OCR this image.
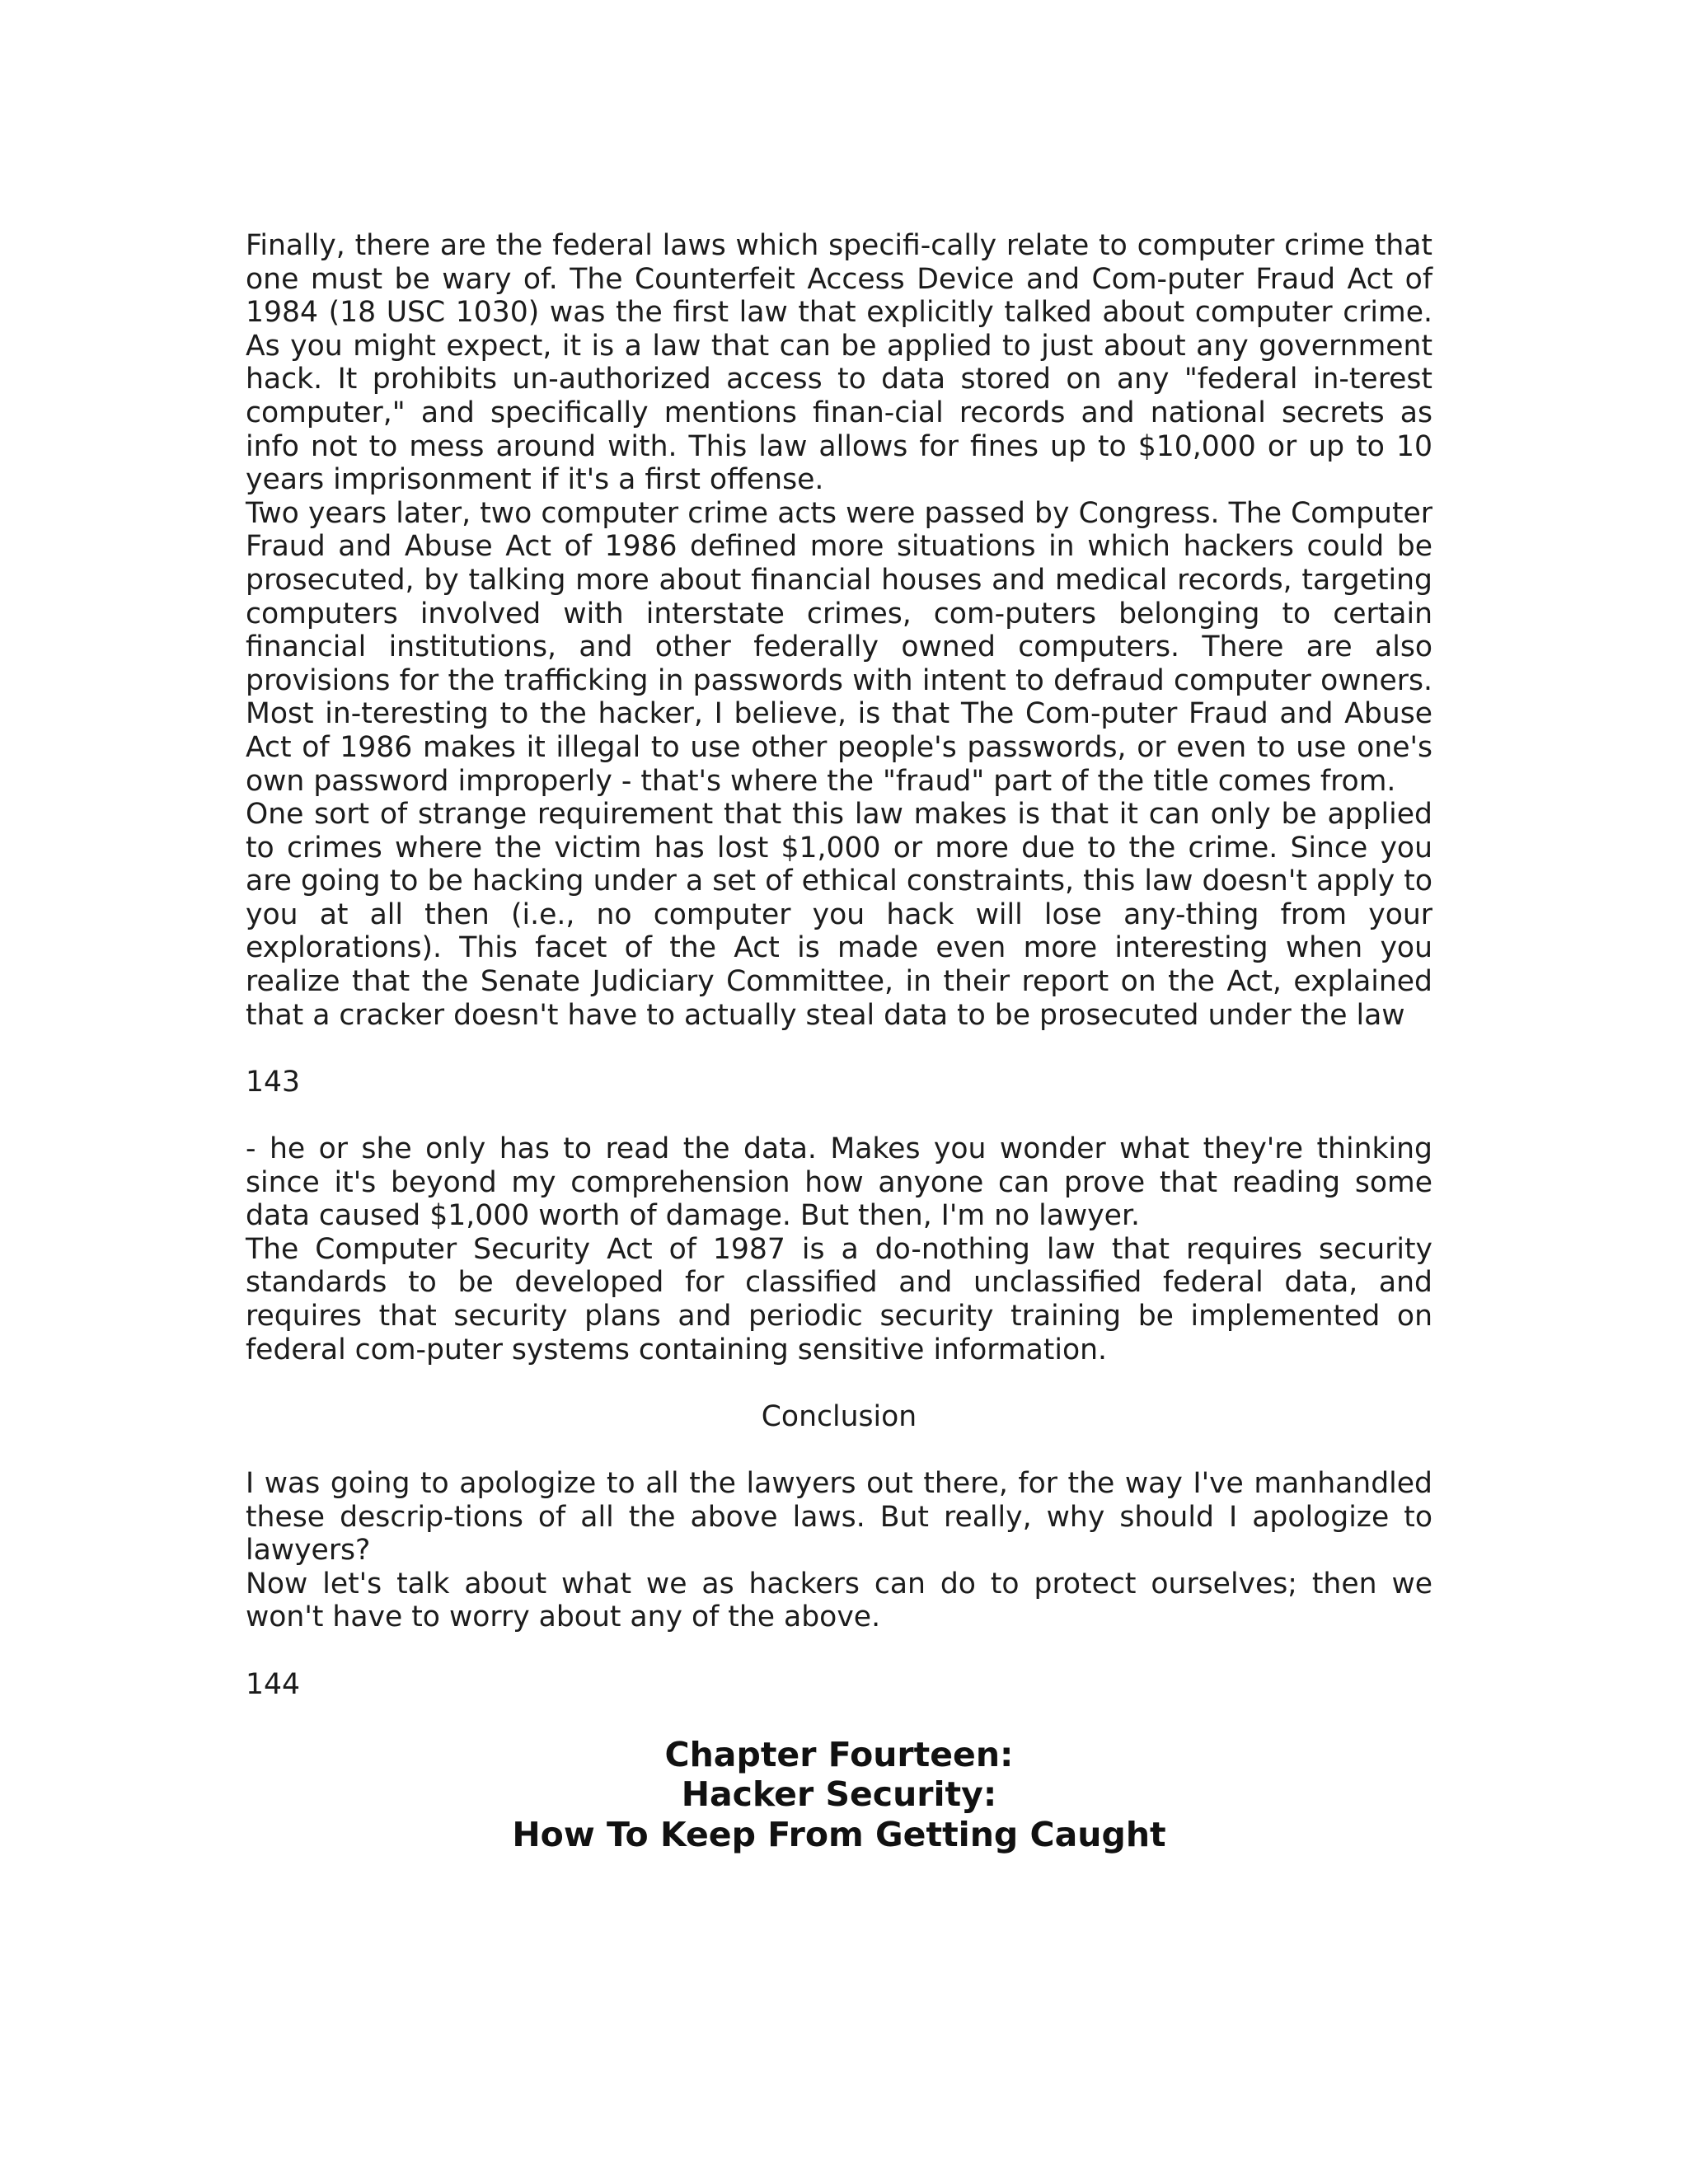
Finally, there are the federal laws which specifi-cally relate to computer crime that one must be wary of. The Counterfeit Access Device and Com-puter Fraud Act of 1984 (18 USC 1030) was the first law that explicitly talked about computer crime. As you might expect, it is a law that can be applied to just about any government hack. It prohibits un-authorized access to data stored on any "federal in-terest computer," and specifically mentions finan-cial records and national secrets as info not to mess around with. This law allows for fines up to $10,000 or up to 10 years imprisonment if it's a first offense.

Two years later, two computer crime acts were passed by Congress. The Computer Fraud and Abuse Act of 1986 defined more situations in which hackers could be prosecuted, by talking more about financial houses and medical records, targeting computers involved with interstate crimes, com-puters belonging to certain financial institutions, and other federally owned computers. There are also provisions for the trafficking in passwords with intent to defraud computer owners. Most in-teresting to the hacker, I believe, is that The Com-puter Fraud and Abuse Act of 1986 makes it illegal to use other people's passwords, or even to use one's own password improperly - that's where the "fraud" part of the title comes from.

One sort of strange requirement that this law makes is that it can only be applied to crimes where the victim has lost $1,000 or more due to the crime. Since you are going to be hacking under a set of ethical constraints, this law doesn't apply to you at all then (i.e., no computer you hack will lose any-thing from your explorations). This facet of the Act is made even more interesting when you realize that the Senate Judiciary Committee, in their report on the Act, explained that a cracker doesn't have to actually steal data to be prosecuted under the law

143

- he or she only has to read the data. Makes you wonder what they're thinking since it's beyond my comprehension how anyone can prove that reading some data caused $1,000 worth of damage. But then, I'm no lawyer.

The Computer Security Act of 1987 is a do-nothing law that requires security standards to be developed for classified and unclassified federal data, and requires that security plans and periodic security training be implemented on federal com-puter systems containing sensitive information.

Conclusion

I was going to apologize to all the lawyers out there, for the way I've manhandled these descrip-tions of all the above laws. But really, why should I apologize to lawyers?

Now let's talk about what we as hackers can do to protect ourselves; then we won't have to worry about any of the above.

144

Chapter Fourteen:
Hacker Security:
How To Keep From Getting Caught
